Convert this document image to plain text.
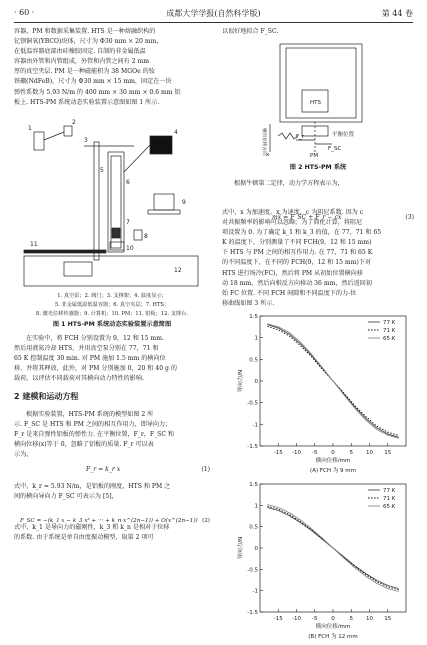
· 60 ·	成都大学学报(自然科学版)	第 44 卷

容器，PM 和数据采集装置. HTS 是一种熔融织构的

钇钡铜氧(YBCO)块体，尺寸为 Φ30 mm × 20 mm，

在低温容器底部由硅橡胶固定. 自制的非金属低温

容器由外管和内管组成，外管和内管之间有 2 mm

厚的真空夹层. PM 是一种磁能积为 38 MGOe 的钕

铁硼(NdFeB)，尺寸为 Φ30 mm × 15 mm，固定在一块

弹性系数为 5.93 N/m 的 400 mm × 30 mm × 0.6 mm 铝

板上. HTS-PM 系统动态实验装置示意图如图 1 所示.

1
2
3
4
5
6
7
8
9
10
11
12

1. 真空泵；2. 阀门；3. 支撑架；4. 温度显示；

5. 非金属低温低温容器；6. 真空夹层；7. HTS；

8. 激光位移传感器；9. 计算机；10. PM；11. 铝板；12. 支撑台.

图 1 HTS-PM 系统动态实验装置示意简图

在实验中，将 FCH 分别设置为 9，12 和 15 mm.

然后用液氮冷却 HTS，并用真空泵分别在 77，71 和

65 K 控制温度 30 min. 对 PM 施加 1.5 mm 的横向位

移，并将其释放，此外，对 PM 分别施加 0，20 和 40 g 的

载荷，以评估不同载荷对其横向动力特性的影响.

2 建模和运动方程

根据实验装置，HTS-PM 系统的模型如图 2 所

示. F_SC 是 HTS 和 PM 之间的相互作用力，即导向力；

F_r 是来自弹性铝板的弹性力. 在平衡位置，F_r，F_SC 和

横向位移(x)等于 0，忽略了铝板的质量. F_r 可以表

示为，

F_r = k_r x	(1)

式中，k_r = 5.93 N/m，是铝板的刚度，HTS 和 PM 之

间的横向导向力 F_SC 可表示为 [5]，

F_SC = −(k_1 x − k_3 x³ + ··· + k_n x^(2n−1)) + O(x^(2n−1)) (2)

式中，k_1 是导向力的磁刚性，k_3 和 k_n 是相对于位移

的系数. 由于系统是单自由度振动模型，取第 2 项可

以很好地拟合 F_SC.
HTS
PM
平衡位置
x
F_r
F_SC
横向位移方向
图 2 HTS-PM 系统

根据牛顿第二定律，动力学方程表示为，

mẍ = F_SC + F_r − cẋ	(3)

式中，x 为加速度，x 为速度，c 为阻尼系数. 因为 c

对共振频率的影响可以忽略，为了简化计算，将阻尼

项设置为 0. 为了确定 k_1 和 k_3 的值，在 77，71 和 65

K 的温度下，分别测量了不同 FCH(9，12 和 15 mm)

下 HTS 与 PM 之间的相互作用力. 在 77，71 和 65 K

的不同温度下，在不同的 FCH(9，12 和 15 mm)下对

HTS 进行场冷(FC)，然后将 PM 从初始位置横向移

动 18 mm，然后向相反方向移动 36 mm，然后返回初

始 FC 位置. 不同 FCH 间隙和不同温度下的力-位

移曲线如图 3 所示.

-15 -10 -5	0	5 10 15
-1.5
-1
-0.5
0
0.5
1
1.5
横向位移/mm
导向力/N
(A) FCH 为 9 mm
77 K
71 K
65 K
-15 -10 -5	0	5 10 15
-1.5
-1
-0.5
0
0.5
1
1.5
横向位移/mm
导向力/N
(B) FCH 为 12 mm
77 K
71 K
65 K
